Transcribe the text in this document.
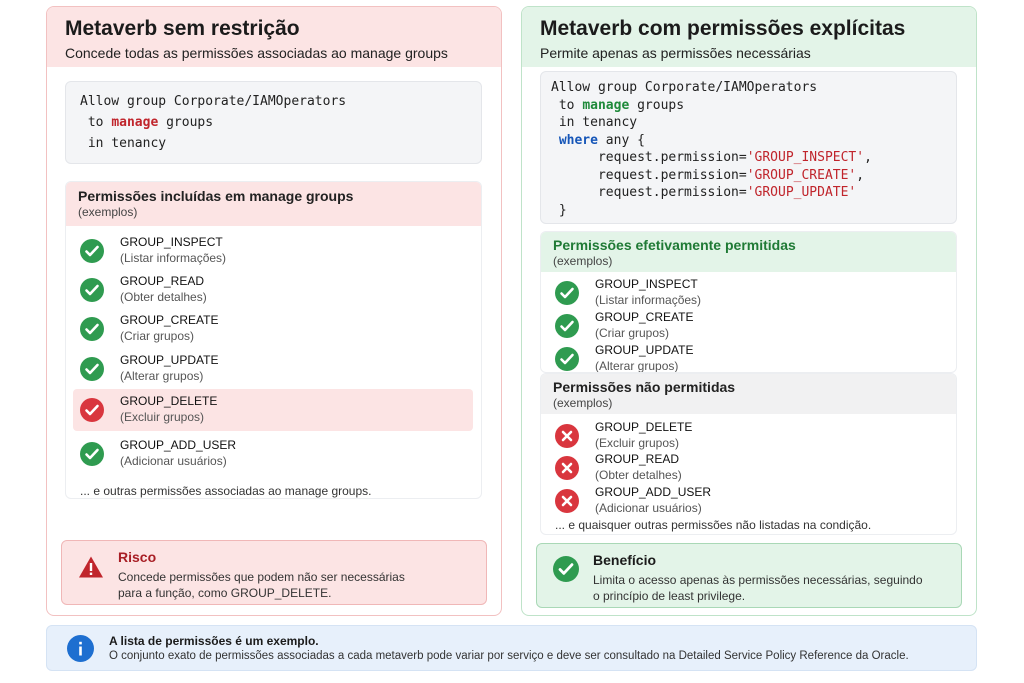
Metaverb sem restrição
Concede todas as permissões associadas ao manage groups
Allow group Corporate/IAMOperators
to manage groups
in tenancy
Permissões incluídas em manage groups
(exemplos)
GROUP_INSPECT
(Listar informações)
GROUP_READ
(Obter detalhes)
GROUP_CREATE
(Criar grupos)
GROUP_UPDATE
(Alterar grupos)
GROUP_DELETE
(Excluir grupos)
GROUP_ADD_USER
(Adicionar usuários)
... e outras permissões associadas ao manage groups.
Risco
Concede permissões que podem não ser necessárias
para a função, como GROUP_DELETE.
Metaverb com permissões explícitas
Permite apenas as permissões necessárias
Allow group Corporate/IAMOperators
to manage groups
in tenancy
where any {
request.permission='GROUP_INSPECT',
request.permission='GROUP_CREATE',
request.permission='GROUP_UPDATE'
}
Permissões efetivamente permitidas
(exemplos)
GROUP_INSPECT
(Listar informações)
GROUP_CREATE
(Criar grupos)
GROUP_UPDATE
(Alterar grupos)
Permissões não permitidas
(exemplos)
GROUP_DELETE
(Excluir grupos)
GROUP_READ
(Obter detalhes)
GROUP_ADD_USER
(Adicionar usuários)
... e quaisquer outras permissões não listadas na condição.
Benefício
Limita o acesso apenas às permissões necessárias, seguindo
o princípio de least privilege.
A lista de permissões é um exemplo.
O conjunto exato de permissões associadas a cada metaverb pode variar por serviço e deve ser consultado na Detailed Service Policy Reference da Oracle.
